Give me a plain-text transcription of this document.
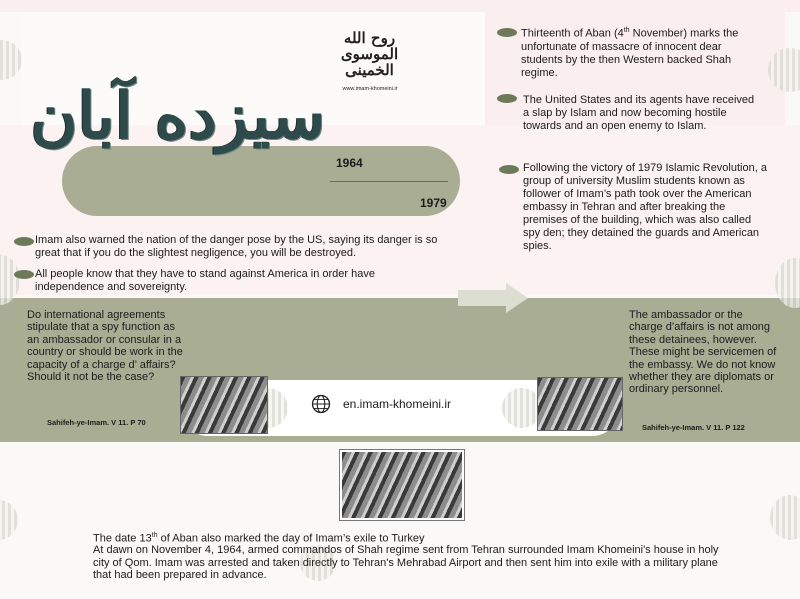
روح الله الموسوی الخمینی
www.imam-khomeini.ir
سیزده آبان
1964
1979
Thirteenth of Aban (4th November) marks the unfortunate of massacre of innocent dear students by the then Western backed Shah regime.
The United States and its agents have received a slap by Islam and now becoming hostile towards and an open enemy to Islam.
Following the victory of 1979 Islamic Revolution, a group of university Muslim students known as follower of Imam’s path took over the American embassy in Tehran and after breaking the premises of the building, which was also called spy den; they detained the guards and American spies.
Imam also warned the nation of the danger pose by the US, saying its danger is so great that if you do the slightest negligence, you will be destroyed.
All people know that they have to stand against America in order have independence and sovereignty.
Do international agreements stipulate that a spy function as an ambassador or consular in a country or should be work in the capacity of a charge d’ affairs? Should it not be the case?
Sahifeh-ye-Imam. V 11. P 70
The ambassador or the charge d’affairs is not among these detainees, however. These might be servicemen of the embassy. We do not know whether they are diplomats or ordinary personnel.
Sahifeh-ye-Imam. V 11. P 122
en.imam-khomeini.ir
The date 13th of Aban also marked the day of Imam’s exile to Turkey
At dawn on November 4, 1964, armed commandos of Shah regime sent from Tehran surrounded Imam Khomeini's house in holy city of Qom. Imam was arrested and taken directly to Tehran's Mehrabad Airport and then sent him into exile with a military plane that had been prepared in advance.
